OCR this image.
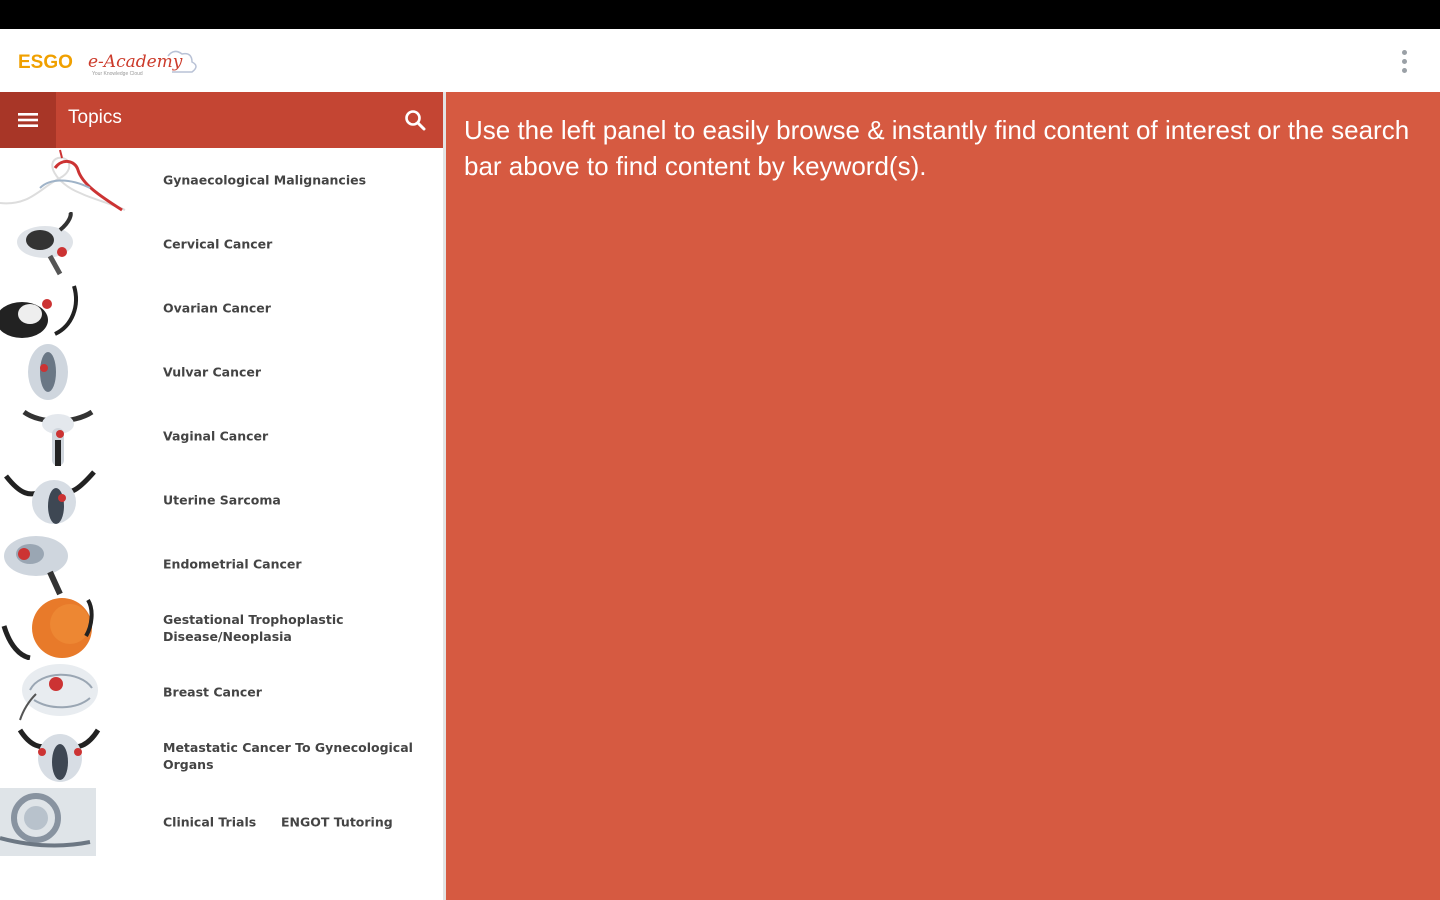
ESGO e-Academy
Your Knowledge Cloud
Topics
Gynaecological Malignancies
Cervical Cancer
Ovarian Cancer
Vulvar Cancer
Vaginal Cancer
Uterine Sarcoma
Endometrial Cancer
Gestational Trophoplastic Disease/Neoplasia
Breast Cancer
Metastatic Cancer To Gynecological Organs
Clinical Trials	ENGOT Tutoring
Use the left panel to easily browse & instantly find content of interest or the search bar above to find content by keyword(s).
